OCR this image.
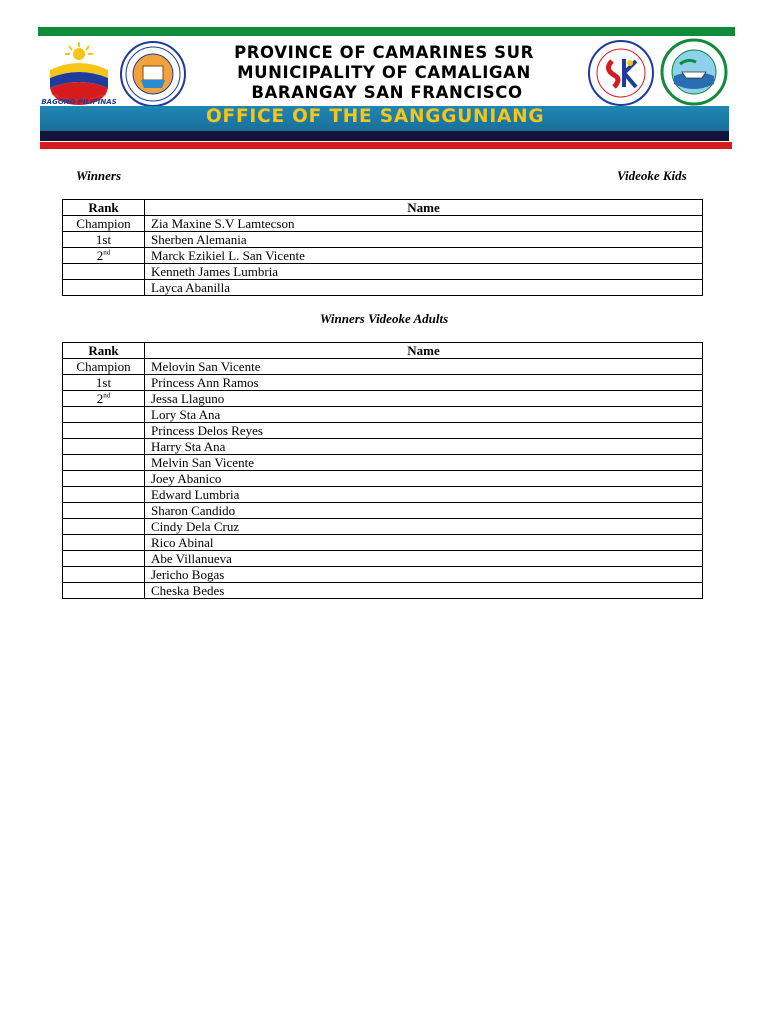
BAGONG PILIPINAS
PROVINCE OF CAMARINES SUR
MUNICIPALITY OF CAMALIGAN
BARANGAY SAN FRANCISCO
OFFICE OF THE SANGGUNIANG
Winners	Videoke Kids
Rank	Name
Champion	Zia Maxine S.V Lamtecson
1st	Sherben Alemania
2nd	Marck Ezikiel L. San Vicente
	Kenneth James Lumbria
	Layca Abanilla
Winners Videoke Adults
Rank	Name
Champion	Melovin San Vicente
1st	Princess Ann Ramos
2nd	Jessa Llaguno
	Lory Sta Ana
	Princess Delos Reyes
	Harry Sta Ana
	Melvin San Vicente
	Joey Abanico
	Edward Lumbria
	Sharon Candido
	Cindy Dela Cruz
	Rico Abinal
	Abe Villanueva
	Jericho Bogas
	Cheska Bedes
